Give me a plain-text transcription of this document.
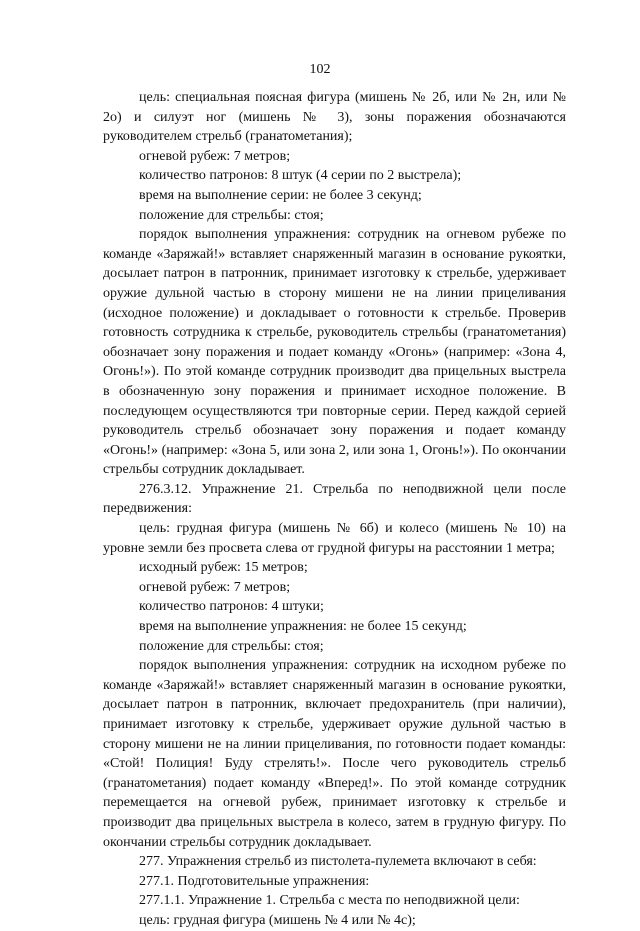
102

цель: специальная поясная фигура (мишень № 2б, или № 2н, или № 2о) и силуэт ног (мишень № 3), зоны поражения обозначаются руководителем стрельб (гранатометания);

огневой рубеж: 7 метров;

количество патронов: 8 штук (4 серии по 2 выстрела);

время на выполнение серии: не более 3 секунд;

положение для стрельбы: стоя;

порядок выполнения упражнения: сотрудник на огневом рубеже по команде «Заряжай!» вставляет снаряженный магазин в основание рукоятки, досылает патрон в патронник, принимает изготовку к стрельбе, удерживает оружие дульной частью в сторону мишени не на линии прицеливания (исходное положение) и докладывает о готовности к стрельбе. Проверив готовность сотрудника к стрельбе, руководитель стрельбы (гранатометания) обозначает зону поражения и подает команду «Огонь» (например: «Зона 4, Огонь!»). По этой команде сотрудник производит два прицельных выстрела в обозначенную зону поражения и принимает исходное положение. В последующем осуществляются три повторные серии. Перед каждой серией руководитель стрельб обозначает зону поражения и подает команду «Огонь!» (например: «Зона 5, или зона 2, или зона 1, Огонь!»). По окончании стрельбы сотрудник докладывает.

276.3.12. Упражнение 21. Стрельба по неподвижной цели после передвижения:

цель: грудная фигура (мишень № 6б) и колесо (мишень № 10) на уровне земли без просвета слева от грудной фигуры на расстоянии 1 метра;

исходный рубеж: 15 метров;

огневой рубеж: 7 метров;

количество патронов: 4 штуки;

время на выполнение упражнения: не более 15 секунд;

положение для стрельбы: стоя;

порядок выполнения упражнения: сотрудник на исходном рубеже по команде «Заряжай!» вставляет снаряженный магазин в основание рукоятки, досылает патрон в патронник, включает предохранитель (при наличии), принимает изготовку к стрельбе, удерживает оружие дульной частью в сторону мишени не на линии прицеливания, по готовности подает команды: «Стой! Полиция! Буду стрелять!». После чего руководитель стрельб (гранатометания) подает команду «Вперед!». По этой команде сотрудник перемещается на огневой рубеж, принимает изготовку к стрельбе и производит два прицельных выстрела в колесо, затем в грудную фигуру. По окончании стрельбы сотрудник докладывает.

277. Упражнения стрельб из пистолета-пулемета включают в себя:

277.1. Подготовительные упражнения:

277.1.1. Упражнение 1. Стрельба с места по неподвижной цели:

цель: грудная фигура (мишень № 4 или № 4с);
